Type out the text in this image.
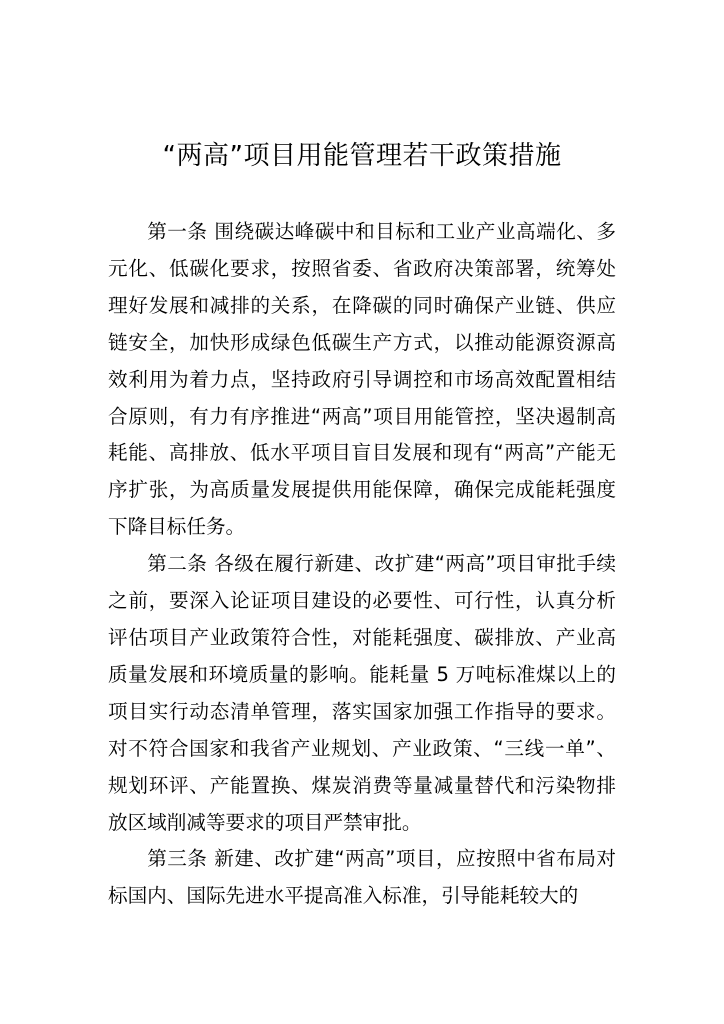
“两高”项目用能管理若干政策措施

第一条 围绕碳达峰碳中和目标和工业产业高端化、多元化、低碳化要求，按照省委、省政府决策部署，统筹处理好发展和减排的关系，在降碳的同时确保产业链、供应链安全，加快形成绿色低碳生产方式，以推动能源资源高效利用为着力点，坚持政府引导调控和市场高效配置相结合原则，有力有序推进“两高”项目用能管控，坚决遏制高耗能、高排放、低水平项目盲目发展和现有“两高”产能无序扩张，为高质量发展提供用能保障，确保完成能耗强度下降目标任务。

第二条 各级在履行新建、改扩建“两高”项目审批手续之前，要深入论证项目建设的必要性、可行性，认真分析评估项目产业政策符合性，对能耗强度、碳排放、产业高质量发展和环境质量的影响。能耗量 5 万吨标准煤以上的项目实行动态清单管理，落实国家加强工作指导的要求。对不符合国家和我省产业规划、产业政策、“三线一单”、规划环评、产能置换、煤炭消费等量减量替代和污染物排放区域削减等要求的项目严禁审批。

第三条 新建、改扩建“两高”项目，应按照中省布局对标国内、国际先进水平提高准入标准，引导能耗较大的
